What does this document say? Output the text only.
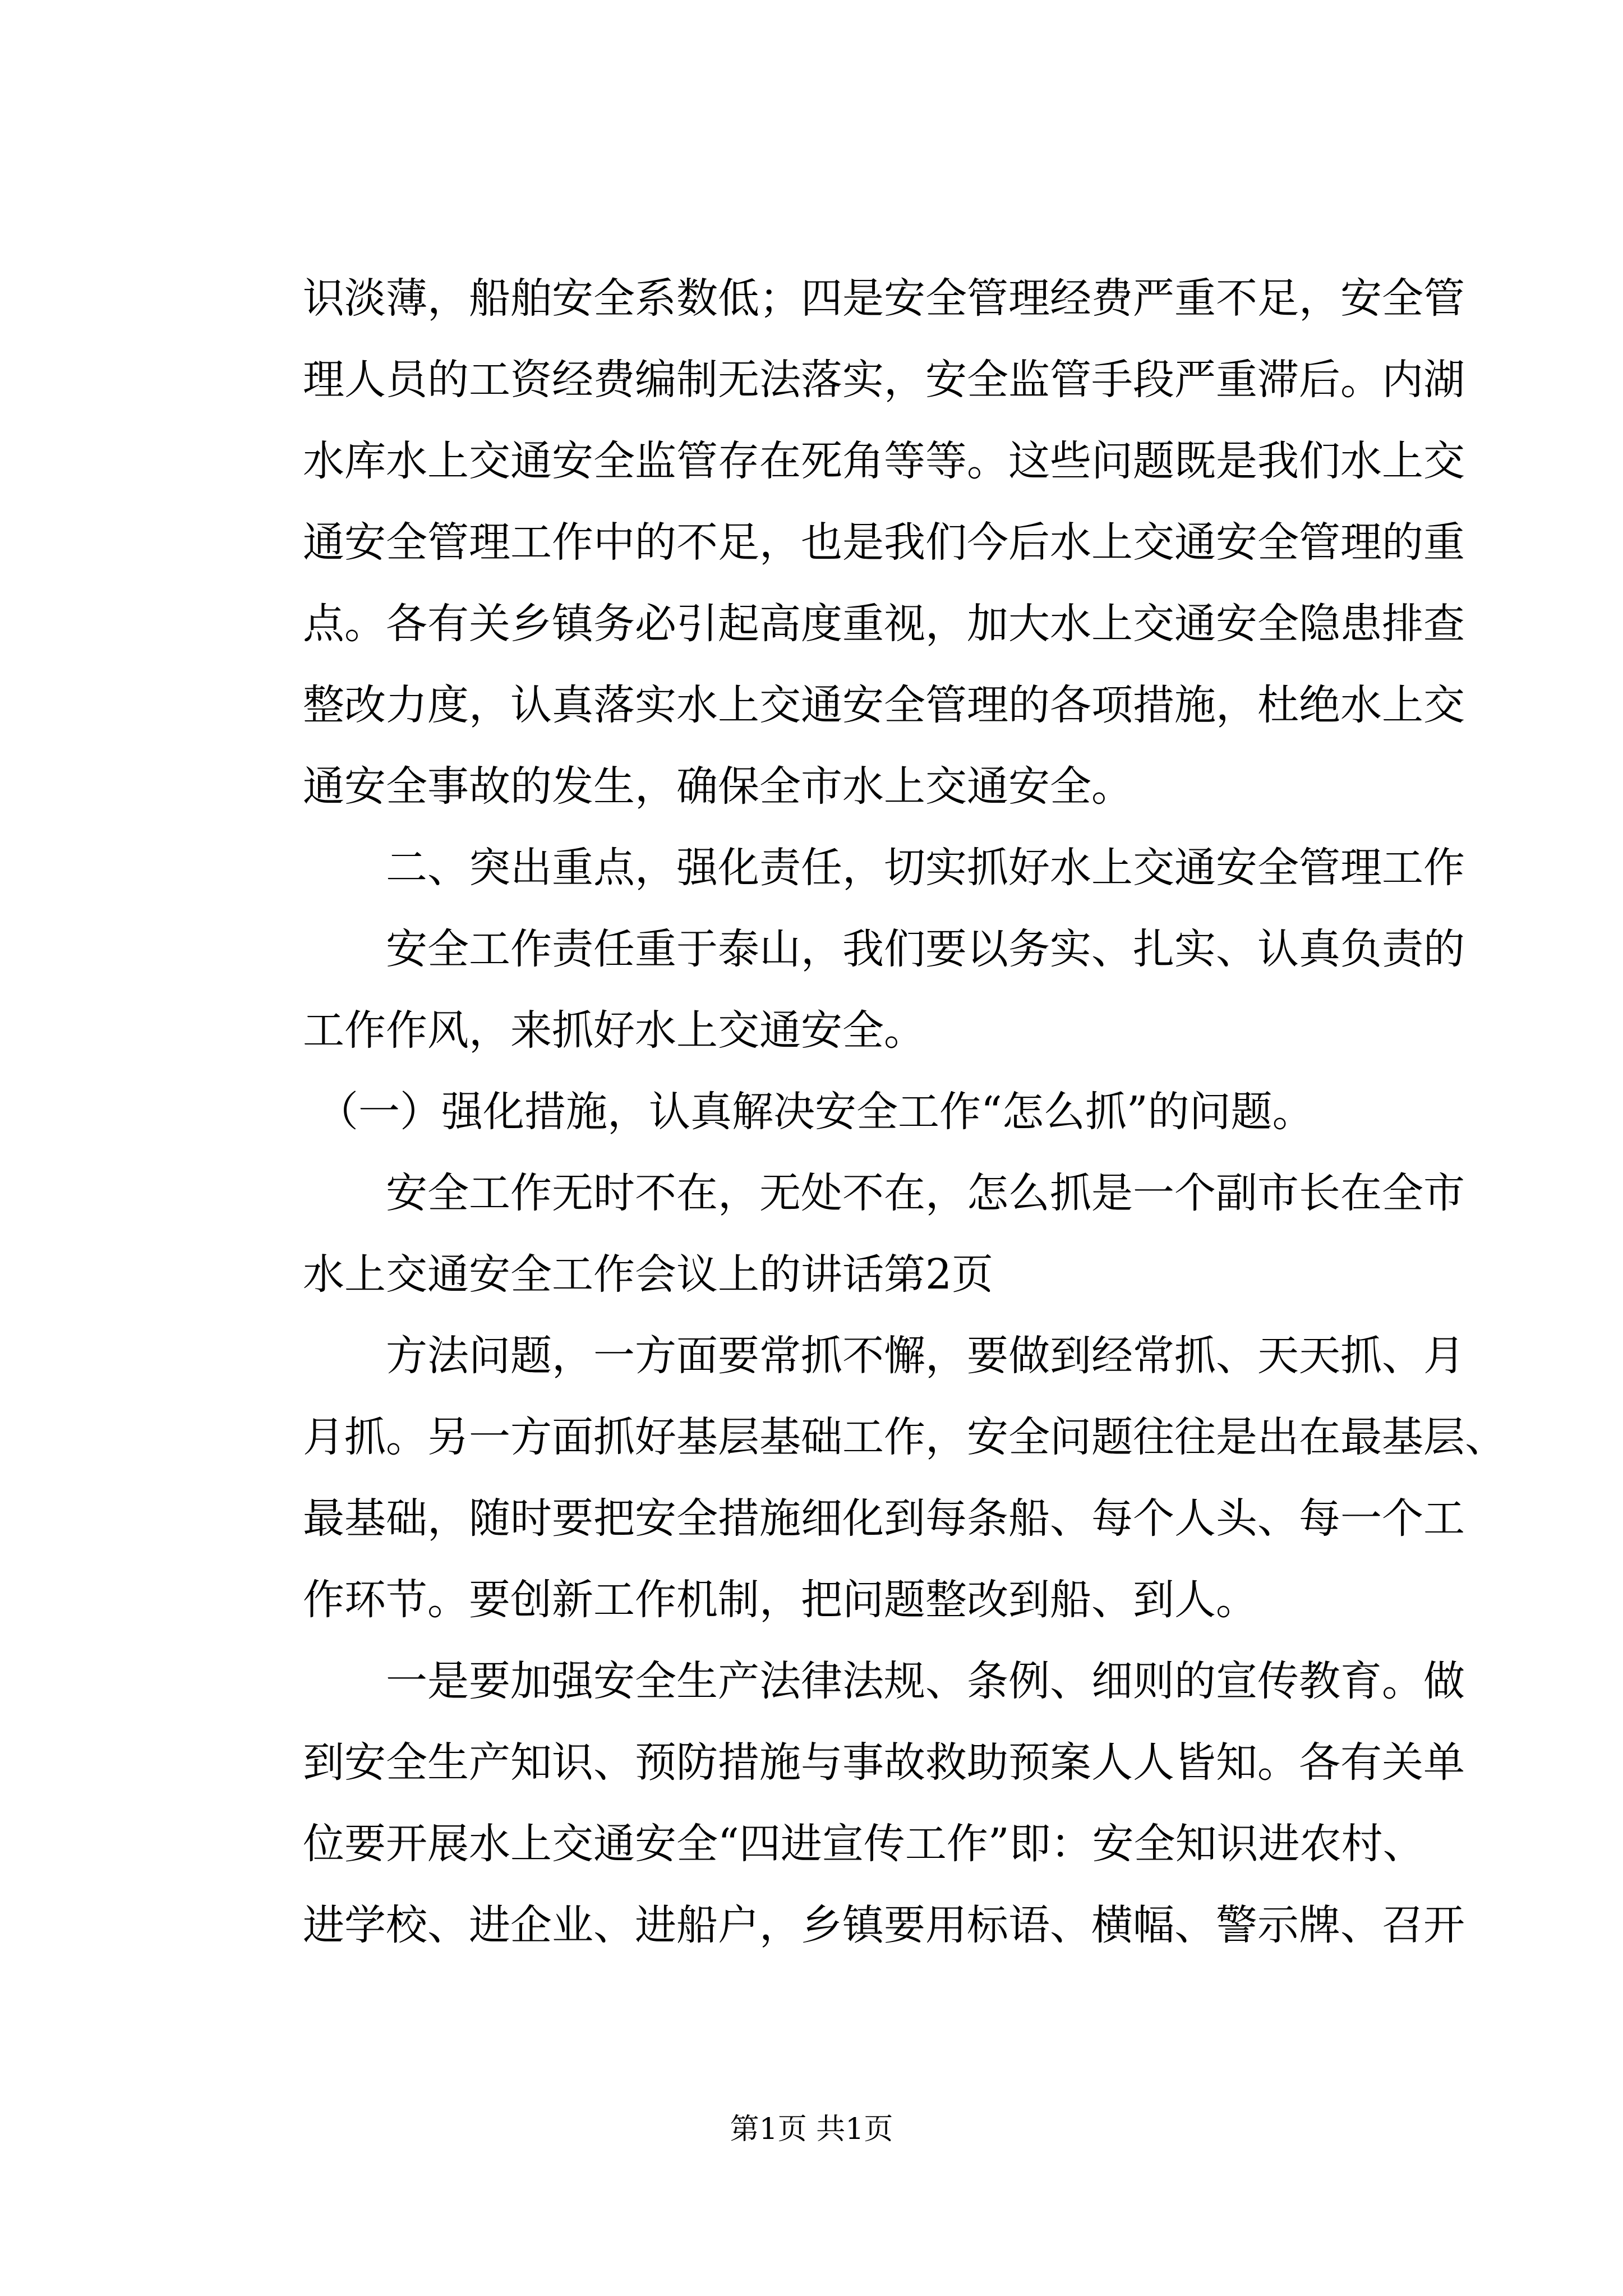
识淡薄，船舶安全系数低；四是安全管理经费严重不足，安全管
理人员的工资经费编制无法落实，安全监管手段严重滞后。内湖
水库水上交通安全监管存在死角等等。这些问题既是我们水上交
通安全管理工作中的不足，也是我们今后水上交通安全管理的重
点。各有关乡镇务必引起高度重视，加大水上交通安全隐患排查
整改力度，认真落实水上交通安全管理的各项措施，杜绝水上交
通安全事故的发生，确保全市水上交通安全。
二、突出重点，强化责任，切实抓好水上交通安全管理工作
安全工作责任重于泰山，我们要以务实、扎实、认真负责的
工作作风，来抓好水上交通安全。
（一）强化措施，认真解决安全工作“怎么抓”的问题。
安全工作无时不在，无处不在，怎么抓是一个副市长在全市
水上交通安全工作会议上的讲话第2页
方法问题，一方面要常抓不懈，要做到经常抓、天天抓、月
月抓。另一方面抓好基层基础工作，安全问题往往是出在最基层、
最基础，随时要把安全措施细化到每条船、每个人头、每一个工
作环节。要创新工作机制，把问题整改到船、到人。
一是要加强安全生产法律法规、条例、细则的宣传教育。做
到安全生产知识、预防措施与事故救助预案人人皆知。各有关单
位要开展水上交通安全“四进宣传工作”即：安全知识进农村、
进学校、进企业、进船户，乡镇要用标语、横幅、警示牌、召开
第1页 共1页
